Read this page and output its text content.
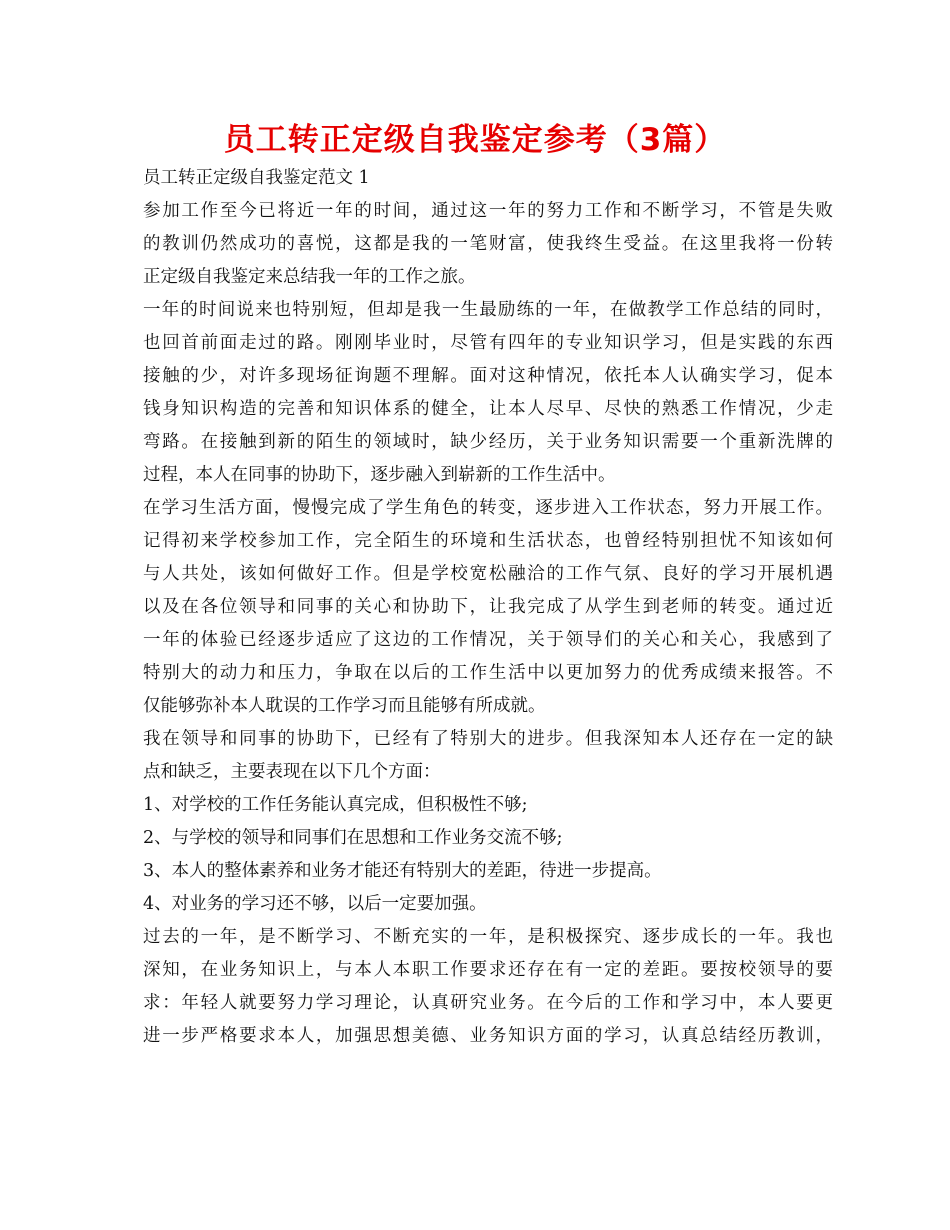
员工转正定级自我鉴定参考（3篇）
员工转正定级自我鉴定范文 1
参加工作至今已将近一年的时间，通过这一年的努力工作和不断学习，不管是失败
的教训仍然成功的喜悦，这都是我的一笔财富，使我终生受益。在这里我将一份转
正定级自我鉴定来总结我一年的工作之旅。
一年的时间说来也特别短，但却是我一生最励练的一年，在做教学工作总结的同时，
也回首前面走过的路。刚刚毕业时，尽管有四年的专业知识学习，但是实践的东西
接触的少，对许多现场征询题不理解。面对这种情况，依托本人认确实学习，促本
钱身知识构造的完善和知识体系的健全，让本人尽早、尽快的熟悉工作情况，少走
弯路。在接触到新的陌生的领域时，缺少经历，关于业务知识需要一个重新洗牌的
过程，本人在同事的协助下，逐步融入到崭新的工作生活中。
在学习生活方面，慢慢完成了学生角色的转变，逐步进入工作状态，努力开展工作。
记得初来学校参加工作，完全陌生的环境和生活状态，也曾经特别担忧不知该如何
与人共处，该如何做好工作。但是学校宽松融洽的工作气氛、良好的学习开展机遇
以及在各位领导和同事的关心和协助下，让我完成了从学生到老师的转变。通过近
一年的体验已经逐步适应了这边的工作情况，关于领导们的关心和关心，我感到了
特别大的动力和压力，争取在以后的工作生活中以更加努力的优秀成绩来报答。不
仅能够弥补本人耽误的工作学习而且能够有所成就。
我在领导和同事的协助下，已经有了特别大的进步。但我深知本人还存在一定的缺
点和缺乏，主要表现在以下几个方面：
1、对学校的工作任务能认真完成，但积极性不够;
2、与学校的领导和同事们在思想和工作业务交流不够;
3、本人的整体素养和业务才能还有特别大的差距，待进一步提高。
4、对业务的学习还不够，以后一定要加强。
过去的一年，是不断学习、不断充实的一年，是积极探究、逐步成长的一年。我也
深知，在业务知识上，与本人本职工作要求还存在有一定的差距。要按校领导的要
求：年轻人就要努力学习理论，认真研究业务。在今后的工作和学习中，本人要更
进一步严格要求本人，加强思想美德、业务知识方面的学习，认真总结经历教训，
